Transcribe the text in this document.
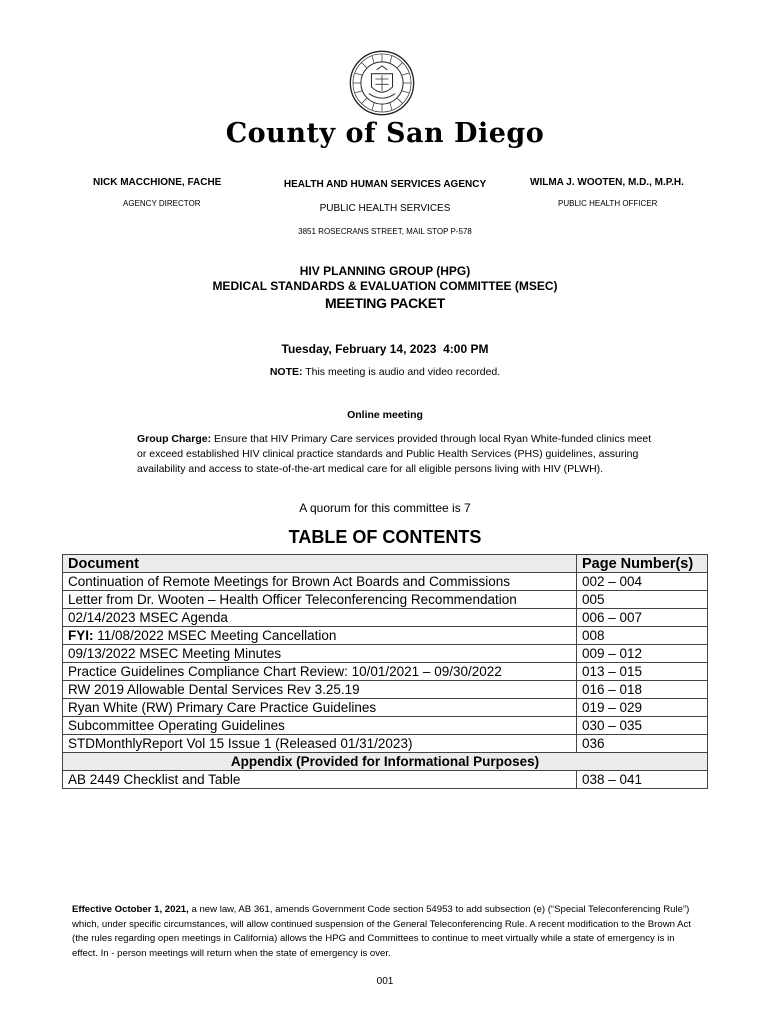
County of San Diego
NICK MACCHIONE, FACHE
AGENCY DIRECTOR
HEALTH AND HUMAN SERVICES AGENCY
PUBLIC HEALTH SERVICES
3851 ROSECRANS STREET, MAIL STOP P-578
WILMA J. WOOTEN, M.D., M.P.H.
PUBLIC HEALTH OFFICER
HIV PLANNING GROUP (HPG)
MEDICAL STANDARDS & EVALUATION COMMITTEE (MSEC)
MEETING PACKET
Tuesday, February 14, 2023  4:00 PM
NOTE: This meeting is audio and video recorded.
Online meeting
Group Charge: Ensure that HIV Primary Care services provided through local Ryan White-funded clinics meet or exceed established HIV clinical practice standards and Public Health Services (PHS) guidelines, assuring availability and access to state-of-the-art medical care for all eligible persons living with HIV (PLWH).
A quorum for this committee is 7
TABLE OF CONTENTS
Document	Page Number(s)
Continuation of Remote Meetings for Brown Act Boards and Commissions	002 – 004
Letter from Dr. Wooten – Health Officer Teleconferencing Recommendation	005
02/14/2023 MSEC Agenda	006 – 007
FYI: 11/08/2022 MSEC Meeting Cancellation	008
09/13/2022 MSEC Meeting Minutes	009 – 012
Practice Guidelines Compliance Chart Review: 10/01/2021 – 09/30/2022	013 – 015
RW 2019 Allowable Dental Services Rev 3.25.19	016 – 018
Ryan White (RW) Primary Care Practice Guidelines	019 – 029
Subcommittee Operating Guidelines	030 – 035
STDMonthlyReport Vol 15 Issue 1 (Released 01/31/2023)	036
Appendix (Provided for Informational Purposes)	
AB 2449 Checklist and Table	038 – 041
Effective October 1, 2021, a new law, AB 361, amends Government Code section 54953 to add subsection (e) (“Special Teleconferencing Rule”) which, under specific circumstances, will allow continued suspension of the General Teleconferencing Rule. A recent modification to the Brown Act (the rules regarding open meetings in California) allows the HPG and Committees to continue to meet virtually while a state of emergency is in effect. In - person meetings will return when the state of emergency is over.
001
